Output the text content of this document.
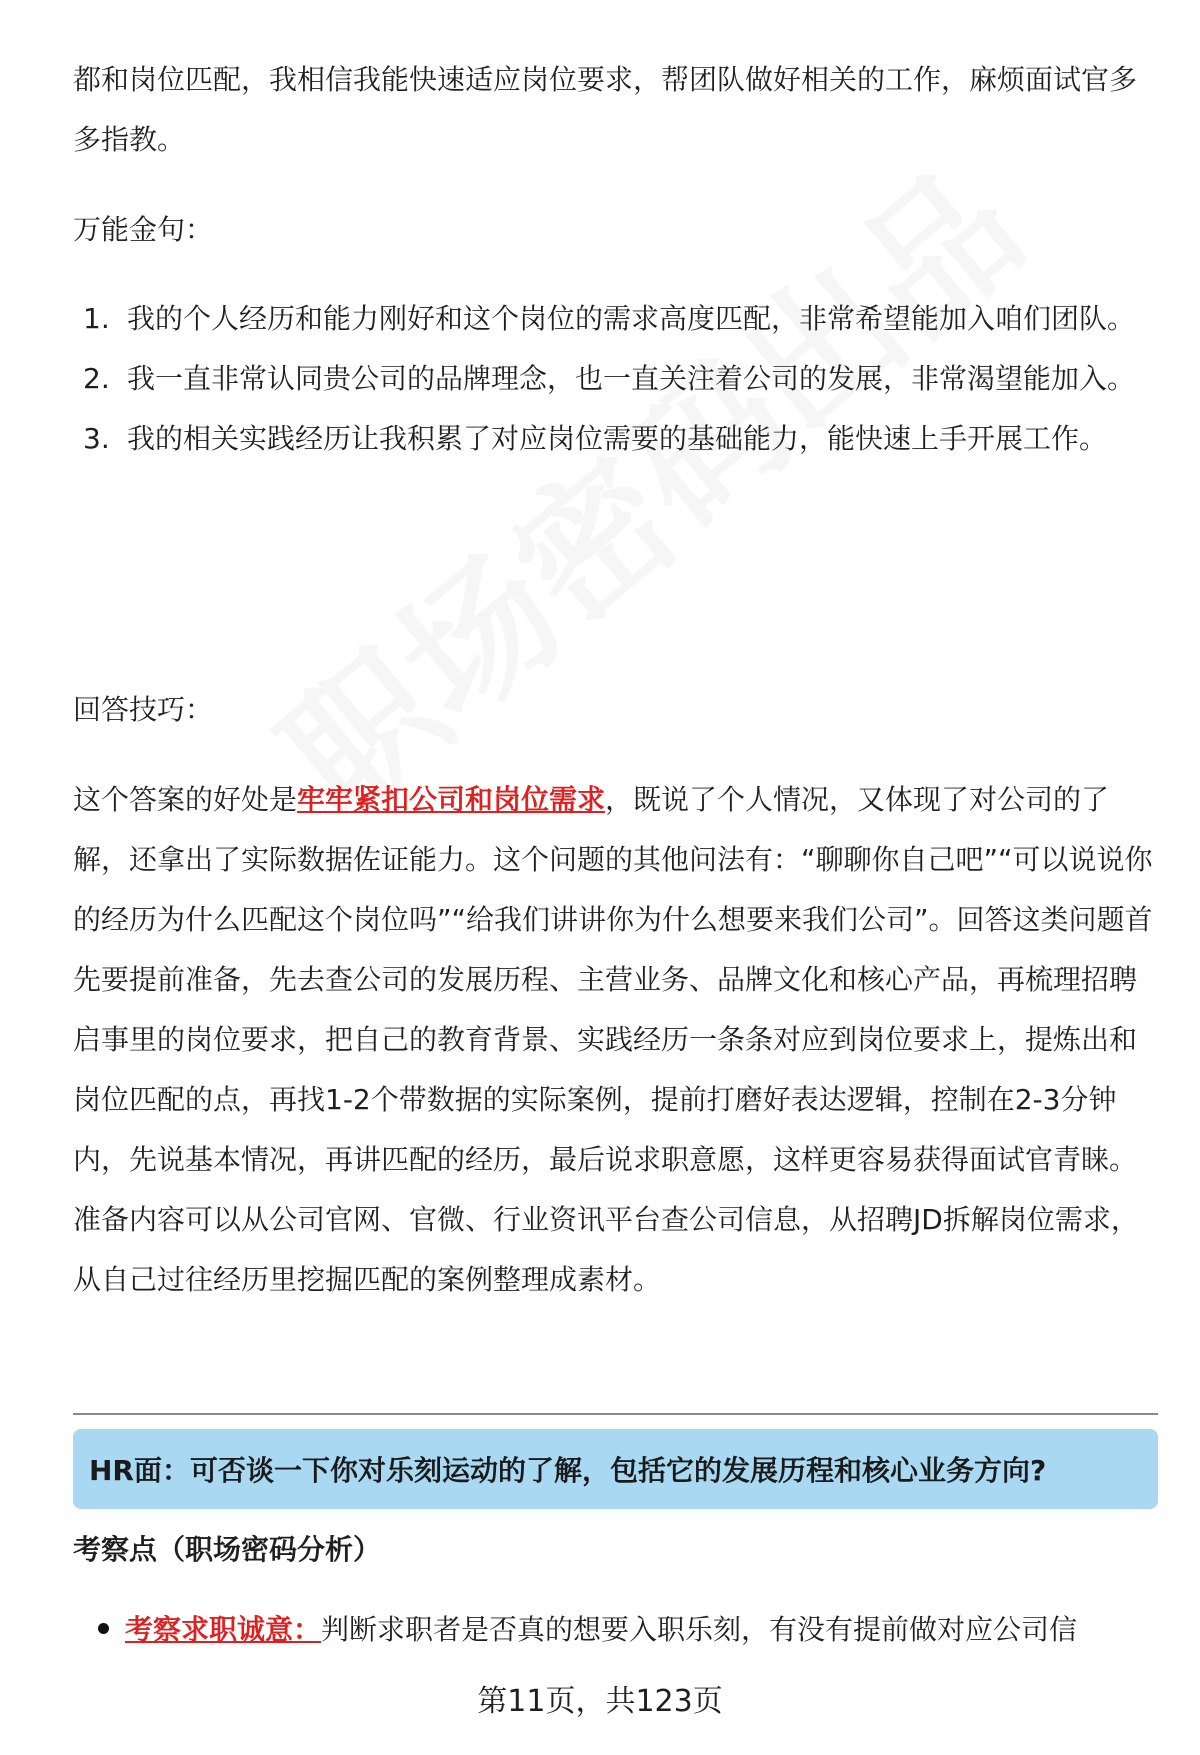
都和岗位匹配，我相信我能快速适应岗位要求，帮团队做好相关的工作，麻烦面试官多多指教。

万能金句：

1. 我的个人经历和能力刚好和这个岗位的需求高度匹配，非常希望能加入咱们团队。
2. 我一直非常认同贵公司的品牌理念，也一直关注着公司的发展，非常渴望能加入。
3. 我的相关实践经历让我积累了对应岗位需要的基础能力，能快速上手开展工作。

回答技巧：

这个答案的好处是牢牢紧扣公司和岗位需求，既说了个人情况，又体现了对公司的了解，还拿出了实际数据佐证能力。这个问题的其他问法有：“聊聊你自己吧”“可以说说你的经历为什么匹配这个岗位吗”“给我们讲讲你为什么想要来我们公司”。回答这类问题首先要提前准备，先去查公司的发展历程、主营业务、品牌文化和核心产品，再梳理招聘启事里的岗位要求，把自己的教育背景、实践经历一条条对应到岗位要求上，提炼出和岗位匹配的点，再找1-2个带数据的实际案例，提前打磨好表达逻辑，控制在2-3分钟内，先说基本情况，再讲匹配的经历，最后说求职意愿，这样更容易获得面试官青睐。准备内容可以从公司官网、官微、行业资讯平台查公司信息，从招聘JD拆解岗位需求，从自己过往经历里挖掘匹配的案例整理成素材。

HR面：可否谈一下你对乐刻运动的了解，包括它的发展历程和核心业务方向?
考察点（职场密码分析）
考察求职诚意：判断求职者是否真的想要入职乐刻，有没有提前做对应公司信
第11页，共123页
